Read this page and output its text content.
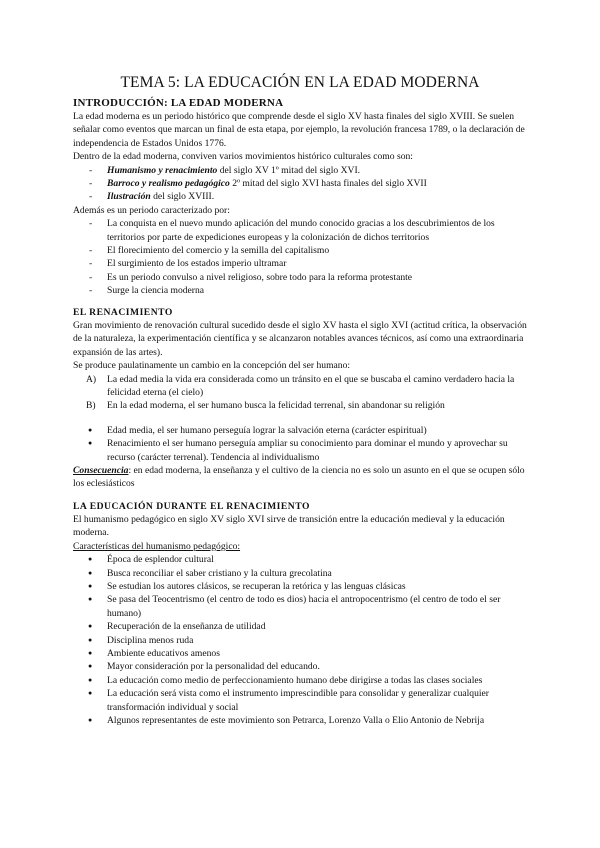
TEMA 5: LA EDUCACIÓN EN LA EDAD MODERNA
INTRODUCCIÓN: LA EDAD MODERNA

La edad moderna es un periodo histórico que comprende desde el siglo XV hasta finales del siglo XVIII. Se suelen señalar como eventos que marcan un final de esta etapa, por ejemplo, la revolución francesa 1789, o la declaración de independencia de Estados Unidos 1776.

Dentro de la edad moderna, conviven varios movimientos histórico culturales como son:

- Humanismo y renacimiento del siglo XV 1º mitad del siglo XVI.
- Barroco y realismo pedagógico 2º mitad del siglo XVI hasta finales del siglo XVII
- Ilustración del siglo XVIII.

Además es un periodo caracterizado por:

- La conquista en el nuevo mundo aplicación del mundo conocido gracias a los descubrimientos de los territorios por parte de expediciones europeas y la colonización de dichos territorios
- El florecimiento del comercio y la semilla del capitalismo
- El surgimiento de los estados imperio ultramar
- Es un periodo convulso a nivel religioso, sobre todo para la reforma protestante
- Surge la ciencia moderna
EL RENACIMIENTO

Gran movimiento de renovación cultural sucedido desde el siglo XV hasta el siglo XVI (actitud crítica, la observación de la naturaleza, la experimentación científica y se alcanzaron notables avances técnicos, así como una extraordinaria expansión de las artes).

Se produce paulatinamente un cambio en la concepción del ser humano:

A) La edad media la vida era considerada como un tránsito en el que se buscaba el camino verdadero hacia la felicidad eterna (el cielo)
B) En la edad moderna, el ser humano busca la felicidad terrenal, sin abandonar su religión
● Edad media, el ser humano perseguía lograr la salvación eterna (carácter espiritual)
● Renacimiento el ser humano perseguía ampliar su conocimiento para dominar el mundo y aprovechar su recurso (carácter terrenal). Tendencia al individualismo

Consecuencia: en edad moderna, la enseñanza y el cultivo de la ciencia no es solo un asunto en el que se ocupen sólo los eclesiásticos

LA EDUCACIÓN DURANTE EL RENACIMIENTO

El humanismo pedagógico en siglo XV siglo XVI sirve de transición entre la educación medieval y la educación moderna.

Características del humanismo pedagógico:

● Época de esplendor cultural
● Busca reconciliar el saber cristiano y la cultura grecolatina
● Se estudian los autores clásicos, se recuperan la retórica y las lenguas clásicas
● Se pasa del Teocentrismo (el centro de todo es dios) hacia el antropocentrismo (el centro de todo el ser humano)
● Recuperación de la enseñanza de utilidad
● Disciplina menos ruda
● Ambiente educativos amenos
● Mayor consideración por la personalidad del educando.
● La educación como medio de perfeccionamiento humano debe dirigirse a todas las clases sociales
● La educación será vista como el instrumento imprescindible para consolidar y generalizar cualquier transformación individual y social
● Algunos representantes de este movimiento son Petrarca, Lorenzo Valla o Elio Antonio de Nebrija
